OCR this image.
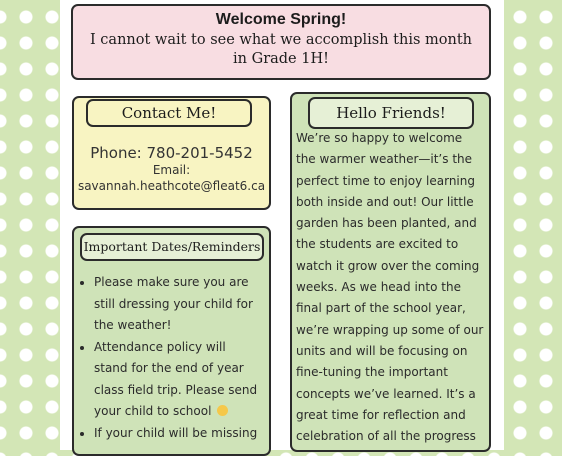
Welcome Spring!
I cannot wait to see what we accomplish this month in Grade 1H!
Contact Me!
Phone: 780-201-5452
Email:
savannah.heathcote@fleat6.ca
Important Dates/Reminders
• Please make sure you are still dressing your child for the weather!
• Attendance policy will stand for the end of year class field trip. Please send your child to school
• If your child will be missing
Hello Friends!

We’re so happy to welcome the warmer weather—it’s the perfect time to enjoy learning both inside and out! Our little garden has been planted, and the students are excited to watch it grow over the coming weeks. As we head into the final part of the school year, we’re wrapping up some of our units and will be focusing on fine-tuning the important concepts we’ve learned. It’s a great time for reflection and celebration of all the progress
